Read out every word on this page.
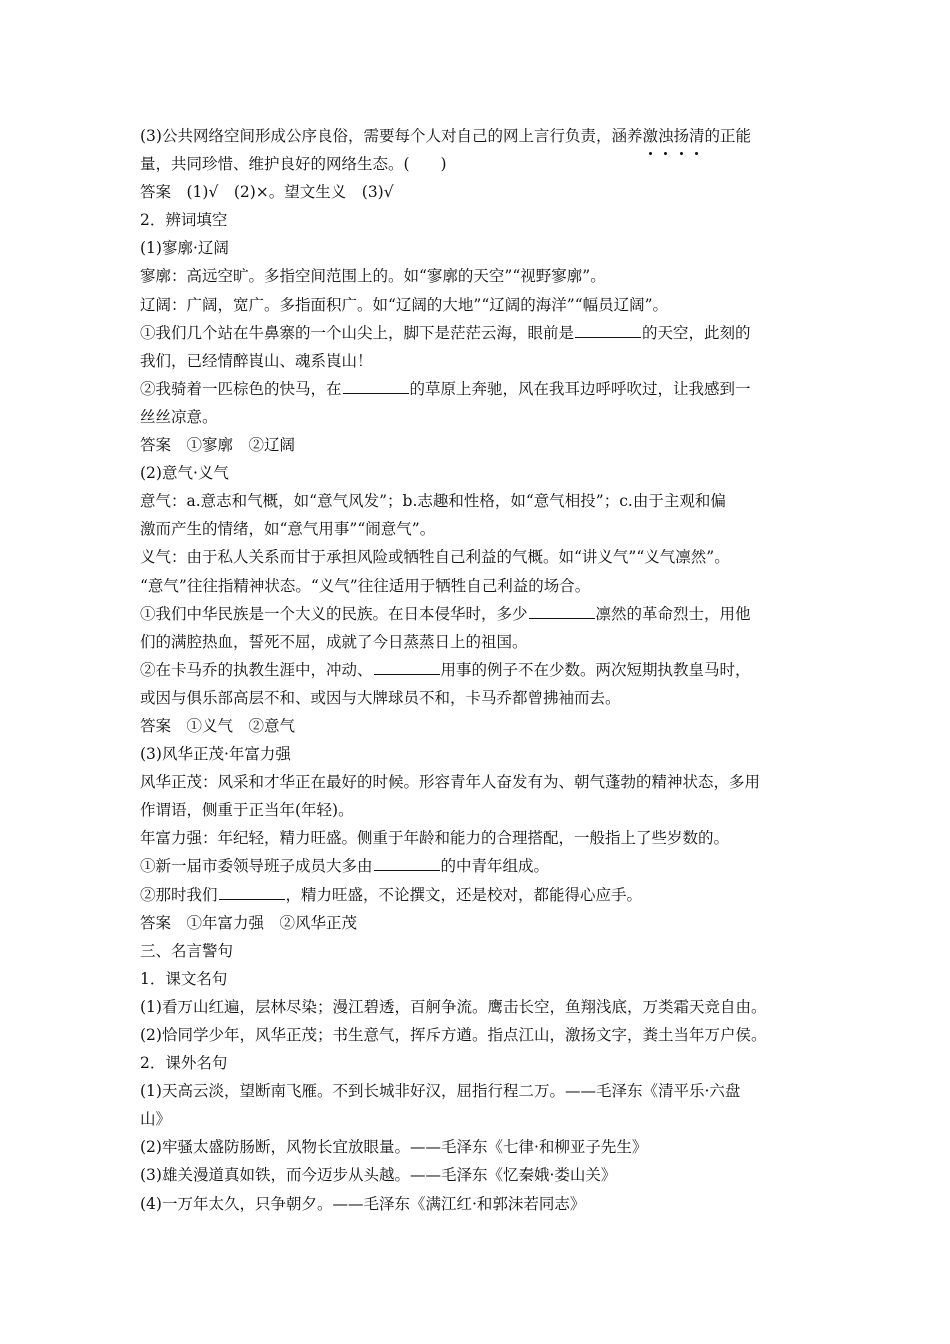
(3)公共网络空间形成公序良俗，需要每个人对自己的网上言行负责，涵养激浊扬清的正能
量，共同珍惜、维护良好的网络生态。(　　)
答案　(1)√　(2)×。望文生义　(3)√
2．辨词填空
(1)寥廓·辽阔
寥廓：高远空旷。多指空间范围上的。如“寥廓的天空”“视野寥廓”。
辽阔：广阔，宽广。多指面积广。如“辽阔的大地”“辽阔的海洋”“幅员辽阔”。
①我们几个站在牛鼻寨的一个山尖上，脚下是茫茫云海，眼前是	的天空，此刻的
我们，已经情醉崀山、魂系崀山！
②我骑着一匹棕色的快马，在	的草原上奔驰，风在我耳边呼呼吹过，让我感到一
丝丝凉意。
答案　①寥廓　②辽阔
(2)意气·义气
意气：a.意志和气概，如“意气风发”；b.志趣和性格，如“意气相投”；c.由于主观和偏
激而产生的情绪，如“意气用事”“闹意气”。
义气：由于私人关系而甘于承担风险或牺牲自己利益的气概。如“讲义气”“义气凛然”。
“意气”往往指精神状态。“义气”往往适用于牺牲自己利益的场合。
①我们中华民族是一个大义的民族。在日本侵华时，多少	凛然的革命烈士，用他
们的满腔热血，誓死不屈，成就了今日蒸蒸日上的祖国。
②在卡马乔的执教生涯中，冲动、	用事的例子不在少数。两次短期执教皇马时，
或因与俱乐部高层不和、或因与大牌球员不和，卡马乔都曾拂袖而去。
答案　①义气　②意气
(3)风华正茂·年富力强
风华正茂：风采和才华正在最好的时候。形容青年人奋发有为、朝气蓬勃的精神状态，多用
作谓语，侧重于正当年(年轻)。
年富力强：年纪轻，精力旺盛。侧重于年龄和能力的合理搭配，一般指上了些岁数的。
①新一届市委领导班子成员大多由	的中青年组成。
②那时我们	，精力旺盛，不论撰文，还是校对，都能得心应手。
答案　①年富力强　②风华正茂
三、名言警句
1．课文名句
(1)看万山红遍，层林尽染；漫江碧透，百舸争流。鹰击长空，鱼翔浅底，万类霜天竞自由。
(2)恰同学少年，风华正茂；书生意气，挥斥方遒。指点江山，激扬文字，粪土当年万户侯。
2．课外名句
(1)天高云淡，望断南飞雁。不到长城非好汉，屈指行程二万。——毛泽东《清平乐·六盘
山》
(2)牢骚太盛防肠断，风物长宜放眼量。——毛泽东《七律·和柳亚子先生》
(3)雄关漫道真如铁，而今迈步从头越。——毛泽东《忆秦娥·娄山关》
(4)一万年太久，只争朝夕。——毛泽东《满江红·和郭沫若同志》
